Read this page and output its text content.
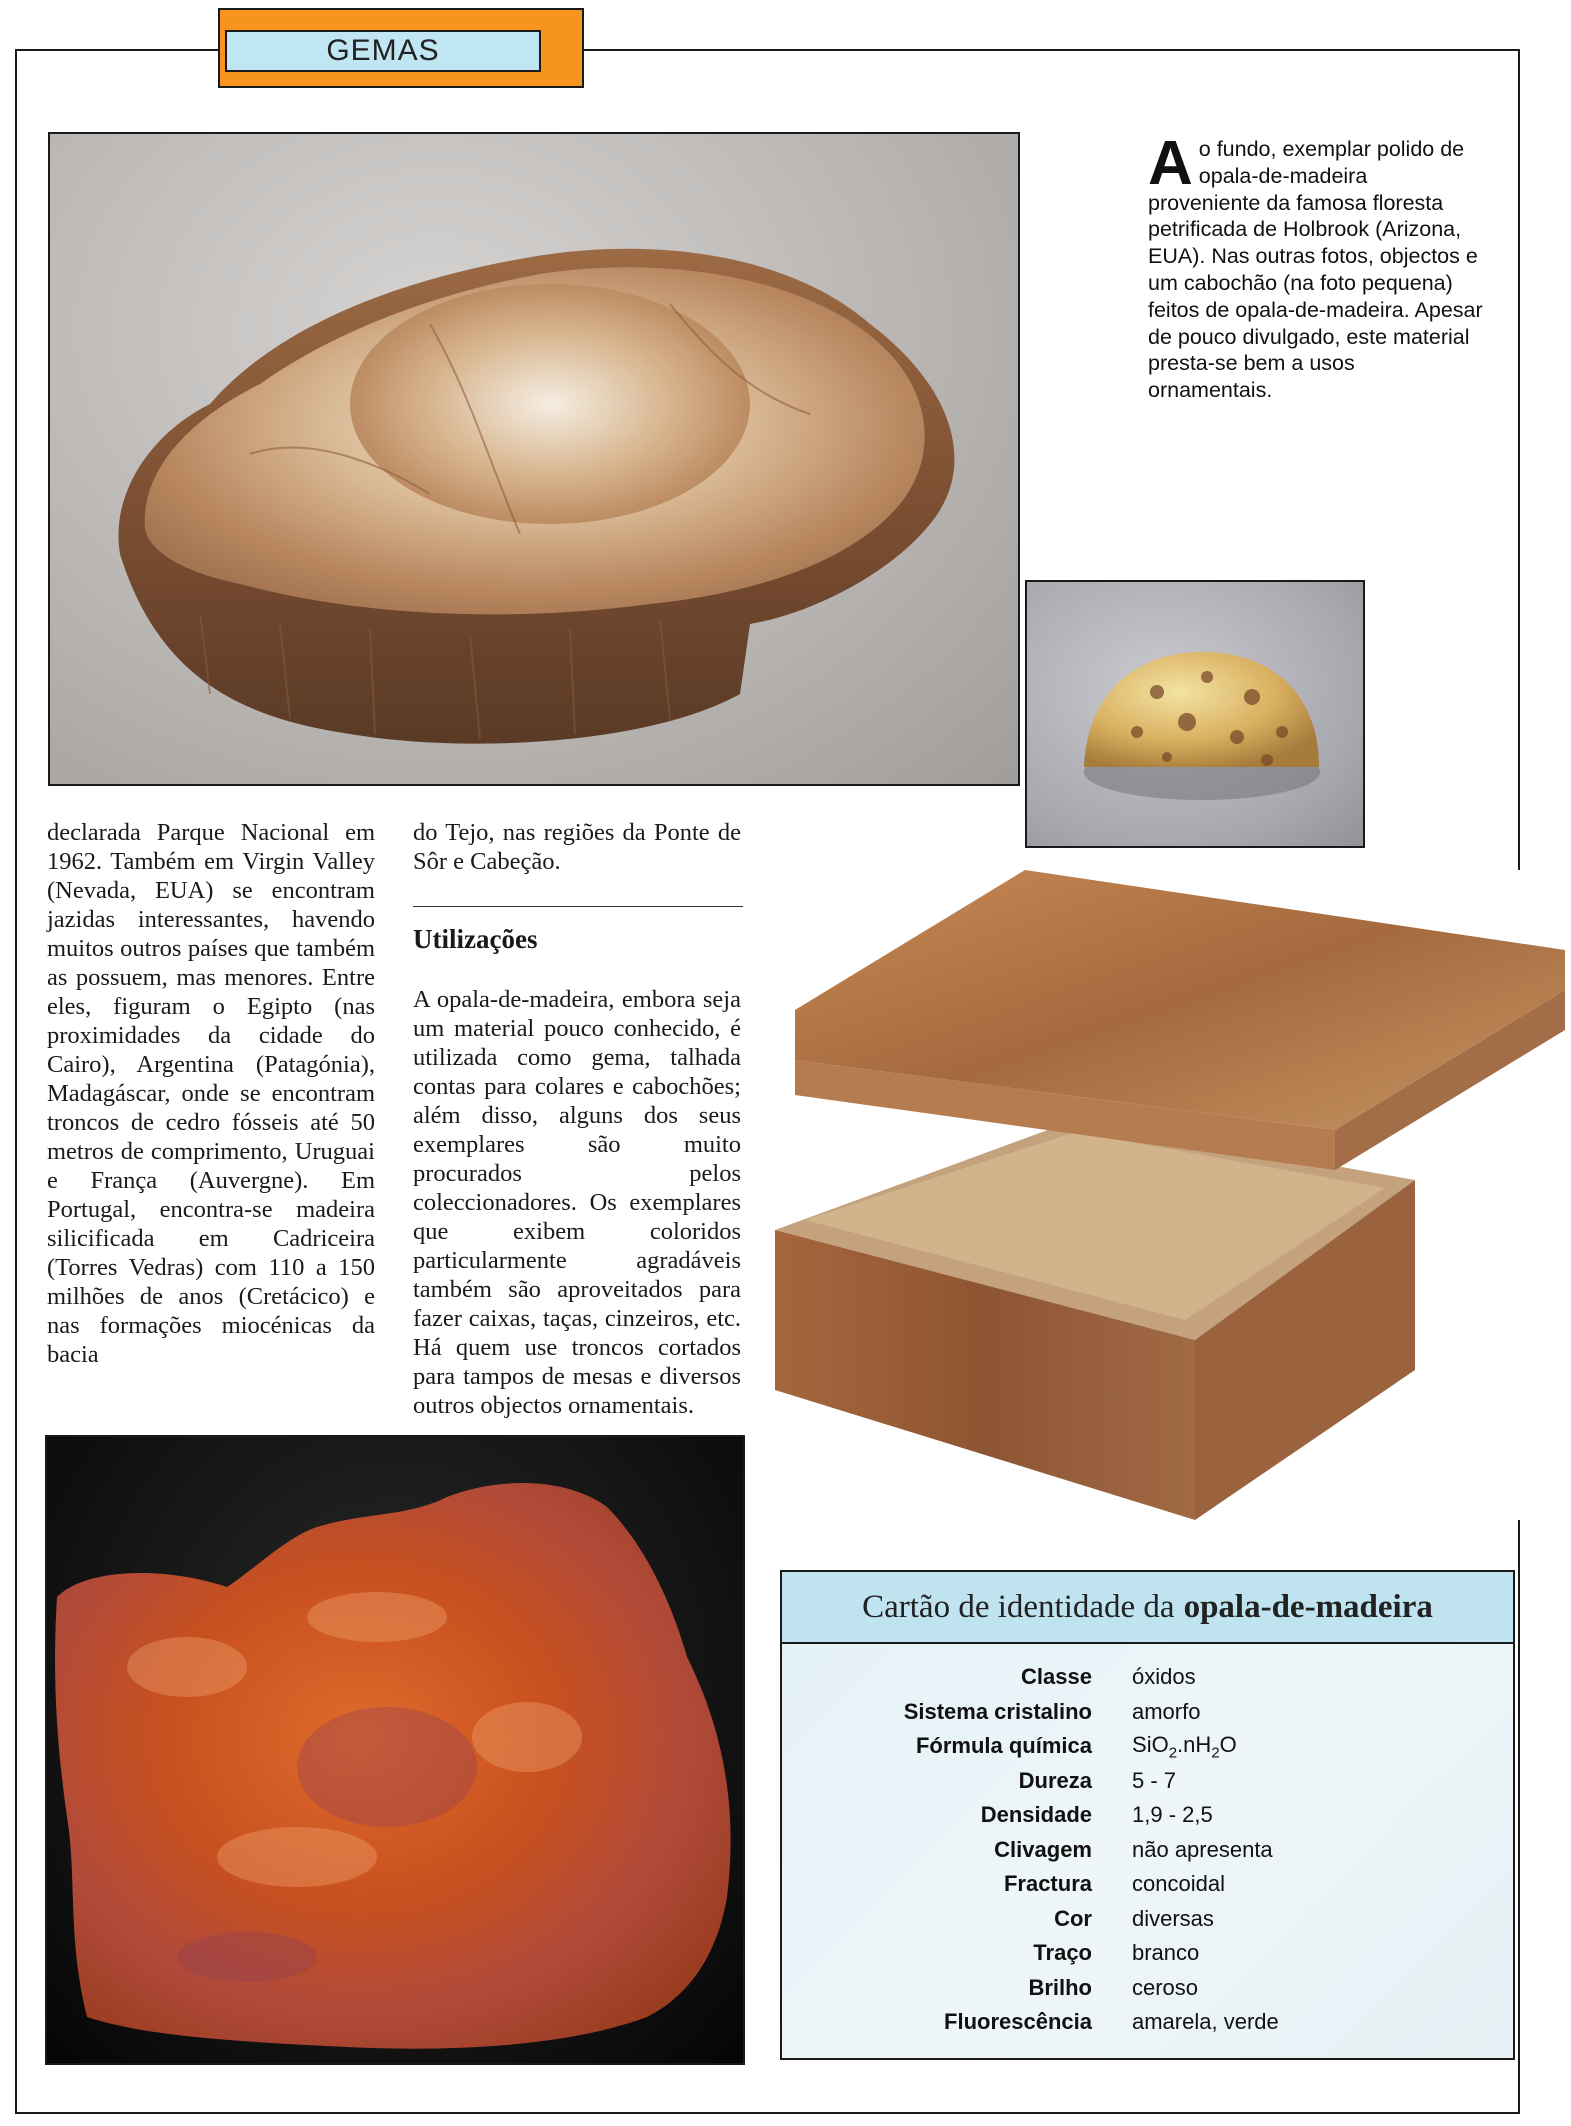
GEMAS
Ao fundo, exemplar polido de opala-de-madeira proveniente da famosa floresta petrificada de Holbrook (Arizona, EUA). Nas outras fotos, objectos e um cabochão (na foto pequena) feitos de opala-de-madeira. Apesar de pouco divulgado, este material presta-se bem a usos ornamentais.
declarada Parque Nacional em 1962. Também em Virgin Valley (Nevada, EUA) se encontram jazidas interessantes, havendo muitos outros países que também as possuem, mas menores. Entre eles, figuram o Egipto (nas proximidades da cidade do Cairo), Argentina (Patagónia), Madagáscar, onde se encontram troncos de cedro fósseis até 50 metros de comprimento, Uruguai e França (Auvergne). Em Portugal, encontra-se madeira silicificada em Cadriceira (Torres Vedras) com 110 a 150 milhões de anos (Cretácico) e nas formações miocénicas da bacia
do Tejo, nas regiões da Ponte de Sôr e Cabeção.
Utilizações
A opala-de-madeira, embora seja um material pouco conhecido, é utilizada como gema, talhada contas para colares e cabochões; além disso, alguns dos seus exemplares são muito procurados pelos coleccionadores. Os exemplares que exibem coloridos particularmente agradáveis também são aproveitados para fazer caixas, taças, cinzeiros, etc. Há quem use troncos cortados para tampos de mesas e diversos outros objectos ornamentais.
Cartão de identidade da opala-de-madeira
Classe	óxidos
Sistema cristalino	amorfo
Fórmula química	$SiO_2.nH_2O$
Dureza	5 - 7
Densidade	1,9 - 2,5
Clivagem	não apresenta
Fractura	concoidal
Cor	diversas
Traço	branco
Brilho	ceroso
Fluorescência	amarela, verde
